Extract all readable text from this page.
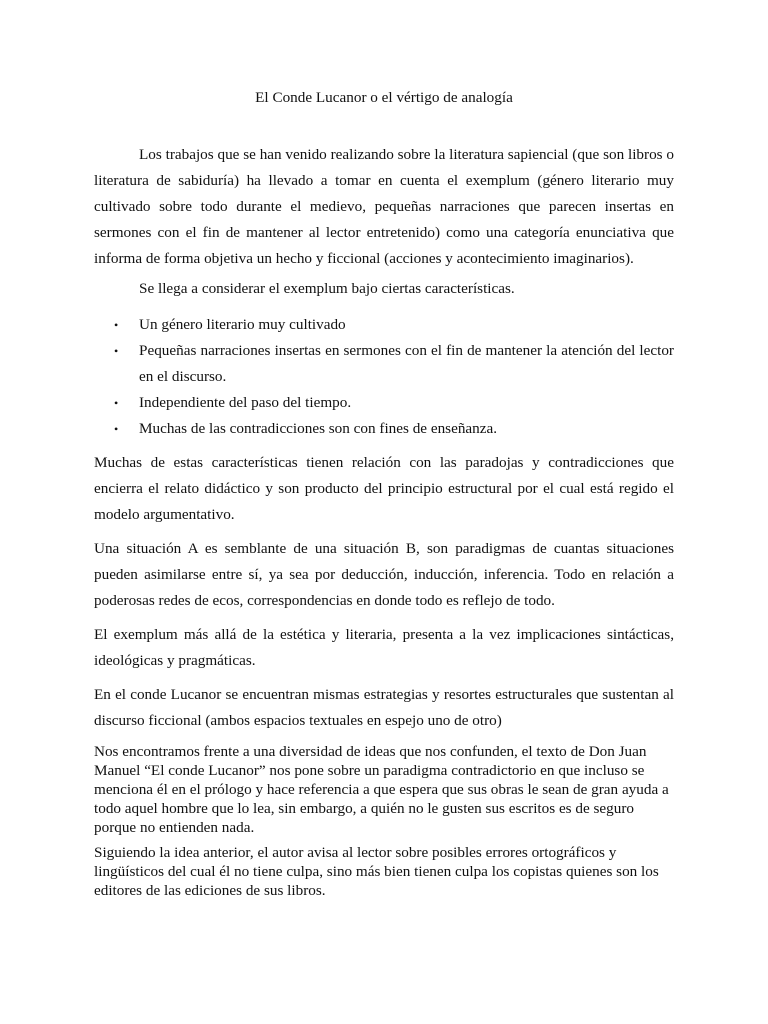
El Conde Lucanor o el vértigo de analogía

Los trabajos que se han venido realizando sobre la literatura sapiencial (que son libros o literatura de sabiduría) ha llevado a tomar en cuenta el exemplum (género literario muy cultivado sobre todo durante el medievo, pequeñas narraciones que parecen insertas en sermones con el fin de mantener al lector entretenido) como una categoría enunciativa que informa de forma objetiva un hecho y ficcional (acciones y acontecimiento imaginarios).

Se llega a considerar el exemplum bajo ciertas características.

• Un género literario muy cultivado
• Pequeñas narraciones insertas en sermones con el fin de mantener la atención del lector en el discurso.
• Independiente del paso del tiempo.
• Muchas de las contradicciones son con fines de enseñanza.

Muchas de estas características tienen relación con las paradojas y contradicciones que encierra el relato didáctico y son producto del principio estructural por el cual está regido el modelo argumentativo.

Una situación A es semblante de una situación B, son paradigmas de cuantas situaciones pueden asimilarse entre sí, ya sea por deducción, inducción, inferencia. Todo en relación a poderosas redes de ecos, correspondencias en donde todo es reflejo de todo.

El exemplum más allá de la estética y literaria, presenta a la vez implicaciones sintácticas, ideológicas y pragmáticas.

En el conde Lucanor se encuentran mismas estrategias y resortes estructurales que sustentan al discurso ficcional (ambos espacios textuales en espejo uno de otro)

Nos encontramos frente a una diversidad de ideas que nos confunden, el texto de Don Juan Manuel “El conde Lucanor” nos pone sobre un paradigma contradictorio en que incluso se menciona él en el prólogo y hace referencia a que espera que sus obras le sean de gran ayuda a todo aquel hombre que lo lea, sin embargo, a quién no le gusten sus escritos es de seguro porque no entienden nada.

Siguiendo la idea anterior, el autor avisa al lector sobre posibles errores ortográficos y lingüísticos del cual él no tiene culpa, sino más bien tienen culpa los copistas quienes son los editores de las ediciones de sus libros.
